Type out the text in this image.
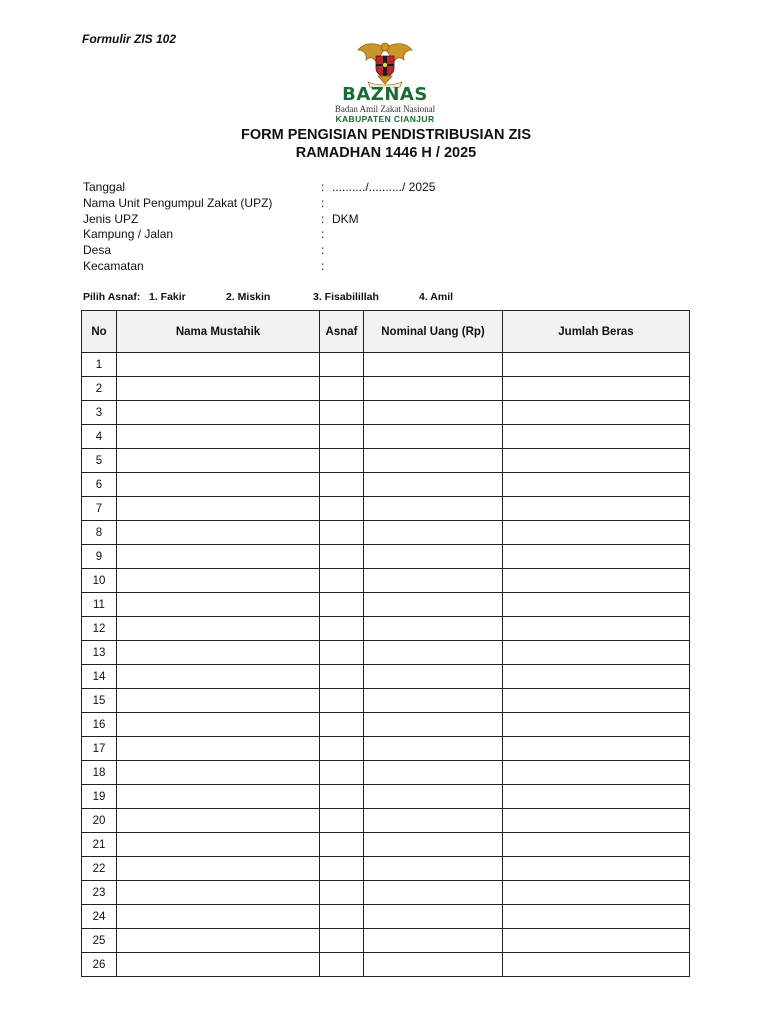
Formulir ZIS 102
BAZNAS
Badan Amil Zakat Nasional
KABUPATEN CIANJUR
FORM PENGISIAN PENDISTRIBUSIAN ZIS
RAMADHAN 1446 H / 2025
Tanggal	: ........../........../ 2025
Nama Unit Pengumpul Zakat (UPZ)	:
Jenis UPZ	: DKM
Kampung / Jalan	:
Desa	:
Kecamatan	:
Pilih Asnaf: 1. Fakir	2. Miskin	3. Fisabilillah	4. Amil
No	Nama Mustahik	Asnaf	Nominal Uang (Rp)	Jumlah Beras
1				
2				
3				
4				
5				
6				
7				
8				
9				
10				
11				
12				
13				
14				
15				
16				
17				
18				
19				
20				
21				
22				
23				
24				
25				
26				
